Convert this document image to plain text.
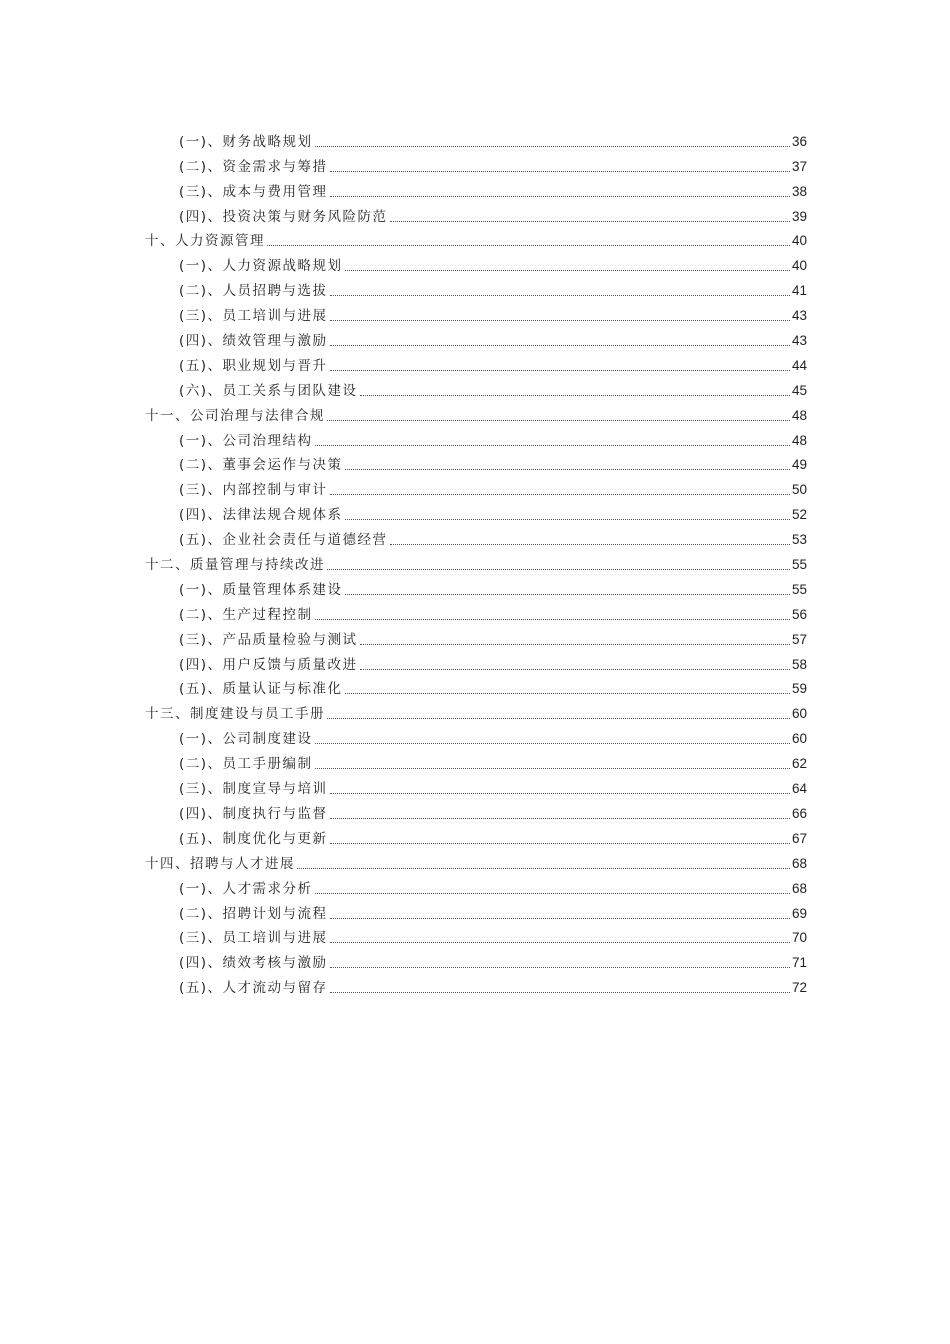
(一)、财务战略规划	36
(二)、资金需求与筹措	37
(三)、成本与费用管理	38
(四)、投资决策与财务风险防范	39
十、人力资源管理	40
(一)、人力资源战略规划	40
(二)、人员招聘与选拔	41
(三)、员工培训与进展	43
(四)、绩效管理与激励	43
(五)、职业规划与晋升	44
(六)、员工关系与团队建设	45
十一、公司治理与法律合规	48
(一)、公司治理结构	48
(二)、董事会运作与决策	49
(三)、内部控制与审计	50
(四)、法律法规合规体系	52
(五)、企业社会责任与道德经营	53
十二、质量管理与持续改进	55
(一)、质量管理体系建设	55
(二)、生产过程控制	56
(三)、产品质量检验与测试	57
(四)、用户反馈与质量改进	58
(五)、质量认证与标准化	59
十三、制度建设与员工手册	60
(一)、公司制度建设	60
(二)、员工手册编制	62
(三)、制度宣导与培训	64
(四)、制度执行与监督	66
(五)、制度优化与更新	67
十四、招聘与人才进展	68
(一)、人才需求分析	68
(二)、招聘计划与流程	69
(三)、员工培训与进展	70
(四)、绩效考核与激励	71
(五)、人才流动与留存	72
